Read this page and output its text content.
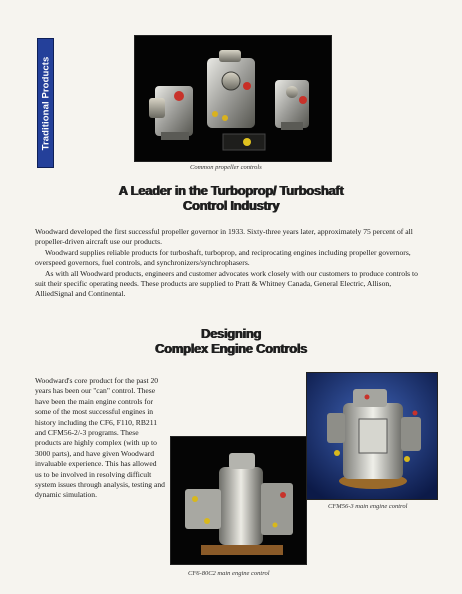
Traditional Products
Common propeller controls
A Leader in the Turboprop/ Turboshaft
Control Industry

Woodward developed the first successful propeller governor in 1933. Sixty-three years later, approximately 75 percent of all propeller-driven aircraft use our products.

Woodward supplies reliable products for turboshaft, turboprop, and reciprocating engines including propeller governors, overspeed governors, fuel controls, and synchronizers/synchrophasers.

As with all Woodward products, engineers and customer advocates work closely with our customers to produce controls to suit their specific operating needs. These products are supplied to Pratt & Whitney Canada, General Electric, Allison, AlliedSignal and Continental.

Designing
Complex Engine Controls

Woodward's core product for the past 20 years has been our "can" control. These have been the main engine controls for some of the most successful engines in history including the CF6, F110, RB211 and CFM56-2/-3 programs. These products are highly complex (with up to 3000 parts), and have given Woodward invaluable experience. This has allowed us to be involved in resolving difficult system issues through analysis, testing and dynamic simulation.

CFM56-3 main engine control
CF6-80C2 main engine control
